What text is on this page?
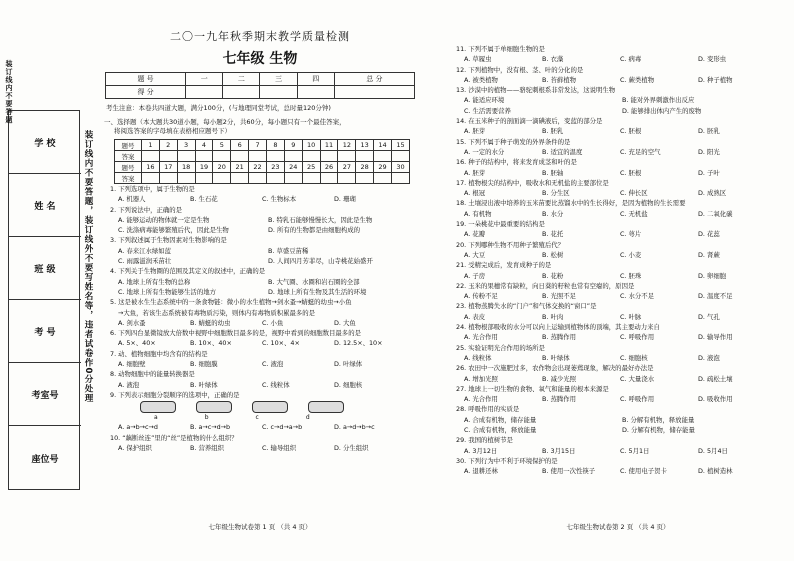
学 校
姓 名
班 级
考 号
考室号
座位号
装订线内不要答题，装订线外不要写姓名等，违者试卷作0分处理
装订线内不要答题
二〇一九年秋季期末教学质量检测
七年级 生物
题 号	一	二	三	四	总 分
得 分					
考生注意：本卷共四道大题，满分100分，(与地理同堂考试，总时量120分钟)
一、选择题（本大题共30道小题，每小题2分，共60分，每小题只有一个最佳答案，
将阅选答案的字母填在表格相应题号下）
题号	1	2	3	4	5	6	7	8	9	10	11	12	13	14	15
答案															
题号	16	17	18	19	20	21	22	23	24	25	26	27	28	29	30
答案															
1. 下列选项中，属于生物的是
A. 机器人	B. 生石花	C. 生物标本	D. 珊瑚
2. 下列说法中，正确的是
A. 能够运动的物体就一定是生物	B. 特乳石能够慢慢长大，因此是生物
C. 洗涤病毒能够繁殖后代，因此是生物	D. 所有的生物都是由细胞构成的
3. 下列叙述属于生物因素对生物影响的是
A. 春来江水绿如蓝	B. 草盛豆苗稀
C. 雨露滋润禾苗壮	D. 人间四月芳菲尽，山寺桃花始盛开
4. 下列关于生物圈的范围及其定义的叙述中，正确的是
A. 地球上所有生物的总称	B. 大气圈、水圈和岩石圈的全部
C. 地球上所有生物能够生活的地方	D. 地球上所有生物及其生活的环境
5. 这是被水生生态系统中的一条食物链：微小的水生植物→剑水蚤→蜻蜓的幼虫→小鱼
→大鱼，若该生态系统被有毒物质污染，则体内有毒物质积累最多的是
A. 剑水蚤	B. 蜻蜓的幼虫	C. 小鱼	D. 大鱼
6. 下列四台显微镜放大倍数中视野中细胞数目最多的是，视野中看到的细胞数目最多的是
A. 5×、40×	B. 10×、40×	C. 10×、4×	D. 12.5×、10×
7. 动、植物细胞中均含有的结构是
A. 细胞壁	B. 细胞膜	C. 液泡	D. 叶绿体
8. 动物细胞中的能量转换器是
A. 液泡	B. 叶绿体	C. 线粒体	D. 细胞核
9. 下列表示细胞分裂顺序的选项中，正确的是
a	b	c	d
A. a→b→c→d	B. a→c→d→b	C. c→d→a→b	D. a→d→b→c
10. “藕断丝连”里的“丝”是植物的什么组织？
A. 保护组织	B. 营养组织	C. 输导组织	D. 分生组织
七年级生物试卷第 1 页 （共 4 页）
11. 下列不属于单细胞生物的是
A. 草履虫	B. 衣藻	C. 病毒	D. 变形虫
12. 下列植物中，没有根、茎、叶的分化的是
A. 被类植物	B. 苔藓植物	C. 蕨类植物	D. 种子植物
13. 沙漠中的植物——骆驼刺根系非常发达，这说明生物
A. 能适应环境	B. 能对外界刺激作出反应
C. 生活需要营养	D. 能够排出体内产生的废物
14. 在玉米种子的剖面滴一滴碘液后，变蓝的部分是
A. 胚芽	B. 胚乳	C. 胚根	D. 胚乳
15. 下列不属于种子萌发的外界条件的是
A. 一定的水分	B. 适宜的温度	C. 充足的空气	D. 阳光
16. 种子的结构中，将来发育成茎和叶的是
A. 胚芽	B. 胚轴	C. 胚根	D. 子叶
17. 植物根尖的结构中，吸收水和无机盐的主要部位是
A. 根冠	B. 分生区	C. 伸长区	D. 成熟区
18. 土壤浸出液中培养的玉米苗要比蒸馏水中的生长得好，是因为植物的生长需要
A. 有机物	B. 水分	C. 无机盐	D. 二氧化碳
19. 一朵桃花中最重要的结构是
A. 花瓣	B. 花托	C. 萼片	D. 花蕊
20. 下列哪种生物不用种子繁殖后代？
A. 大豆	B. 松树	C. 小麦	D. 肾蕨
21. 受精完成后，发育成种子的是
A. 子房	B. 花粉	C. 胚珠	D. 卵细胞
22. 玉米的果穗常有缺粒，向日葵的籽粒也常有空瘪的，原因是
A. 传粉不足	B. 光照不足	C. 水分不足	D. 温度不足
23. 植物蒸腾失水的“门户”和气体交换的“窗口”是
A. 表皮	B. 叶肉	C. 叶脉	D. 气孔
24. 植物根部吸收的水分可以向上运输到植物体的顶端，其主要动力来自
A. 光合作用	B. 蒸腾作用	C. 呼吸作用	D. 输导作用
25. 实验证明光合作用的场所是
A. 线粒体	B. 叶绿体	C. 细胞核	D. 液泡
26. 农田中一次施肥过多，农作物会出现萎蔫现象，解决的最好办法是
A. 增加光照	B. 减少光照	C. 大量浇水	D. 疏松土壤
27. 地球上一切生物的食物、氧气和能量的根本来源是
A. 光合作用	B. 蒸腾作用	C. 呼吸作用	D. 吸收作用
28. 呼吸作用的实质是
A. 合成有机物，储存能量	B. 分解有机物，释放能量
C. 合成有机物，释放能量	D. 分解有机物，储存能量
29. 我国的植树节是
A. 3月12日	B. 3月15日	C. 5月1日	D. 5月4日
30. 下列行为中不利于环境保护的是
A. 退耕还林	B. 使用一次性筷子	C. 使用电子贺卡	D. 植树造林
七年级生物试卷第 2 页 （共 4 页）
